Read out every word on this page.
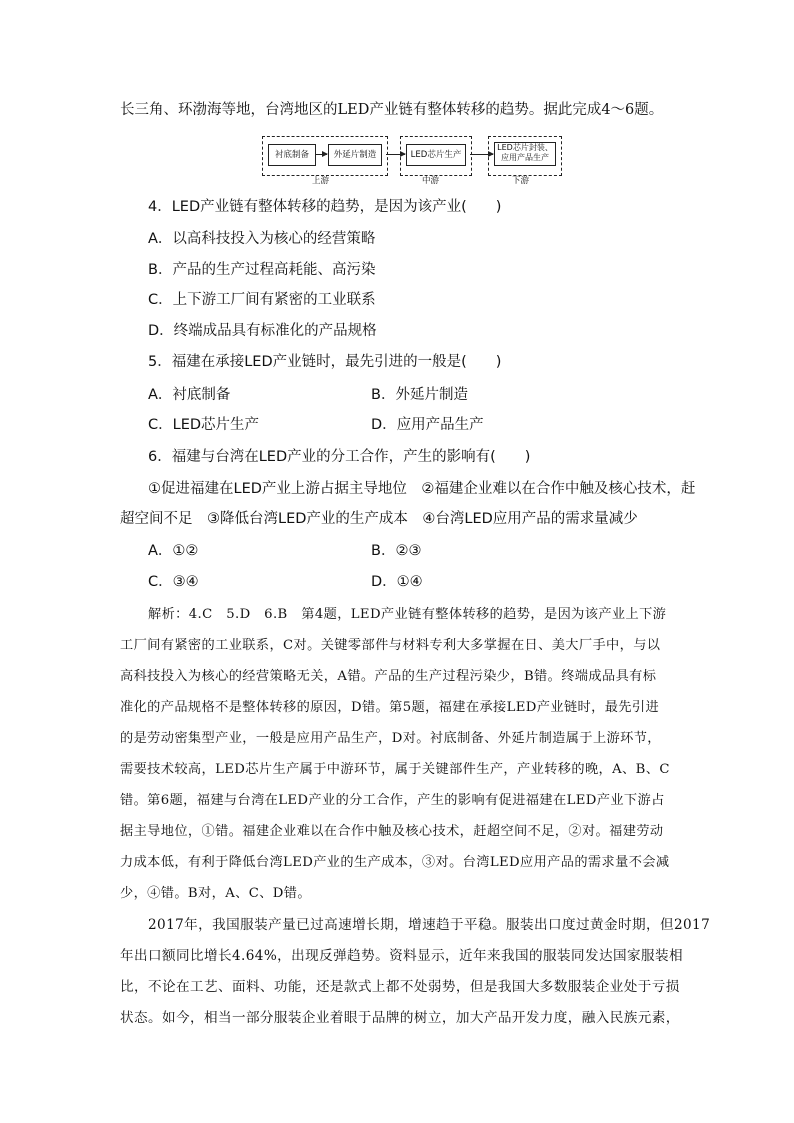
长三角、环渤海等地，台湾地区的LED产业链有整体转移的趋势。据此完成4～6题。
衬底制备	外延片制造	LED芯片生产
LED芯片封装、
应用产品生产
上游	中游	下游
4．LED产业链有整体转移的趋势，是因为该产业(　　)
A．以高科技投入为核心的经营策略
B．产品的生产过程高耗能、高污染
C．上下游工厂间有紧密的工业联系
D．终端成品具有标准化的产品规格
5．福建在承接LED产业链时，最先引进的一般是(　　)
A．衬底制备	B．外延片制造
C．LED芯片生产	D．应用产品生产
6．福建与台湾在LED产业的分工合作，产生的影响有(　　)
①促进福建在LED产业上游占据主导地位　②福建企业难以在合作中触及核心技术，赶
超空间不足　③降低台湾LED产业的生产成本　④台湾LED应用产品的需求量减少
A．①②	B．②③
C．③④	D．①④
解析：4.C　5.D　6.B　第4题，LED产业链有整体转移的趋势，是因为该产业上下游
工厂间有紧密的工业联系，C对。关键零部件与材料专利大多掌握在日、美大厂手中，与以
高科技投入为核心的经营策略无关，A错。产品的生产过程污染少，B错。终端成品具有标
准化的产品规格不是整体转移的原因，D错。第5题，福建在承接LED产业链时，最先引进
的是劳动密集型产业，一般是应用产品生产，D对。衬底制备、外延片制造属于上游环节，
需要技术较高，LED芯片生产属于中游环节，属于关键部件生产，产业转移的晚，A、B、C
错。第6题，福建与台湾在LED产业的分工合作，产生的影响有促进福建在LED产业下游占
据主导地位，①错。福建企业难以在合作中触及核心技术，赶超空间不足，②对。福建劳动
力成本低，有利于降低台湾LED产业的生产成本，③对。台湾LED应用产品的需求量不会减
少，④错。B对，A、C、D错。
　　2017年，我国服装产量已过高速增长期，增速趋于平稳。服装出口度过黄金时期，但2017
年出口额同比增长4.64%，出现反弹趋势。资料显示，近年来我国的服装同发达国家服装相
比，不论在工艺、面料、功能，还是款式上都不处弱势，但是我国大多数服装企业处于亏损
状态。如今，相当一部分服装企业着眼于品牌的树立，加大产品开发力度，融入民族元素，
